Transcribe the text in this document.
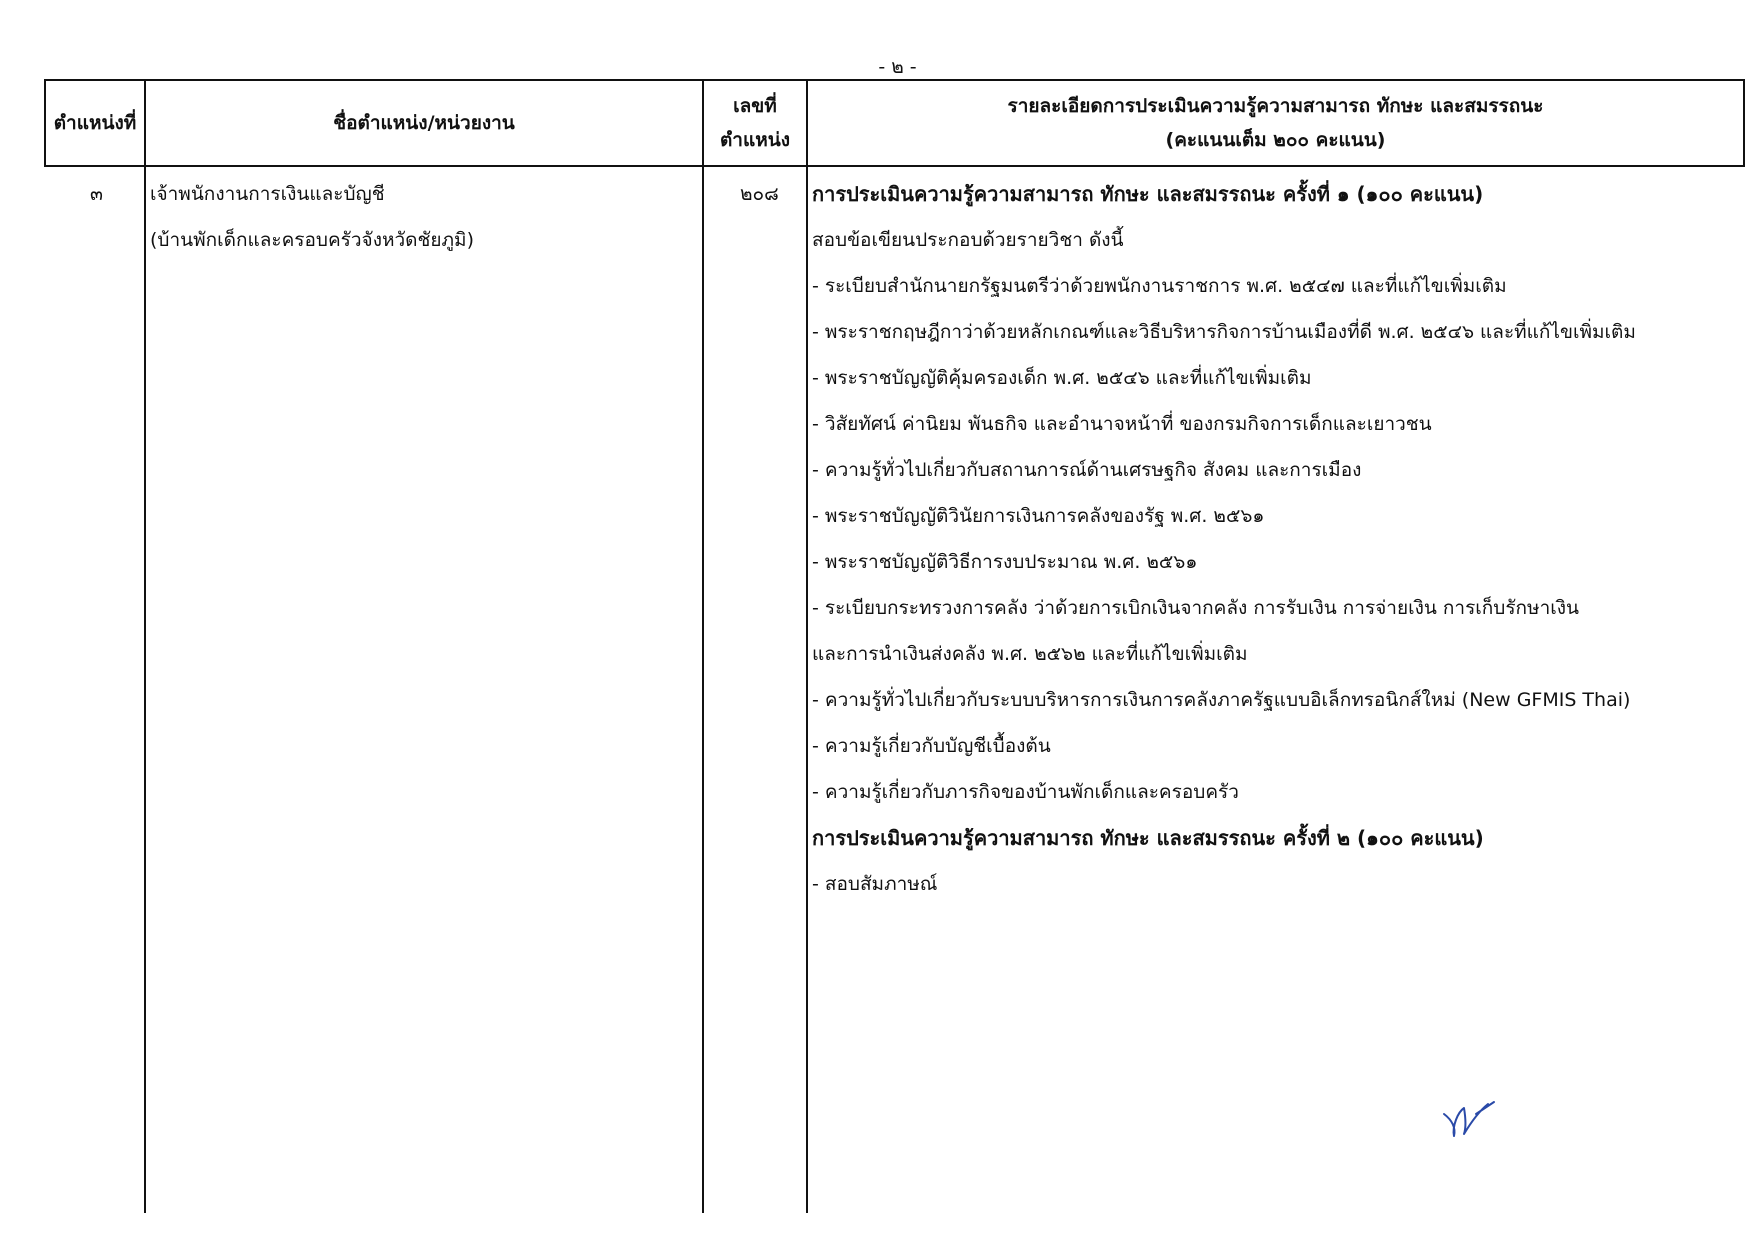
- ๒ -
ตำแหน่งที่	ชื่อตำแหน่ง/หน่วยงาน
เลขที่
ตำแหน่ง
รายละเอียดการประเมินความรู้ความสามารถ ทักษะ และสมรรถนะ
(คะแนนเต็ม ๒๐๐ คะแนน)
๓ เจ้าพนักงานการเงินและบัญชี
(บ้านพักเด็กและครอบครัวจังหวัดชัยภูมิ)
๒๐๘ การประเมินความรู้ความสามารถ ทักษะ และสมรรถนะ ครั้งที่ ๑ (๑๐๐ คะแนน)
สอบข้อเขียนประกอบด้วยรายวิชา ดังนี้
- ระเบียบสำนักนายกรัฐมนตรีว่าด้วยพนักงานราชการ พ.ศ. ๒๕๔๗ และที่แก้ไขเพิ่มเติม
- พระราชกฤษฎีกาว่าด้วยหลักเกณฑ์และวิธีบริหารกิจการบ้านเมืองที่ดี พ.ศ. ๒๕๔๖ และที่แก้ไขเพิ่มเติม
- พระราชบัญญัติคุ้มครองเด็ก พ.ศ. ๒๕๔๖ และที่แก้ไขเพิ่มเติม
- วิสัยทัศน์ ค่านิยม พันธกิจ และอำนาจหน้าที่ ของกรมกิจการเด็กและเยาวชน
- ความรู้ทั่วไปเกี่ยวกับสถานการณ์ด้านเศรษฐกิจ สังคม และการเมือง
- พระราชบัญญัติวินัยการเงินการคลังของรัฐ พ.ศ. ๒๕๖๑
- พระราชบัญญัติวิธีการงบประมาณ พ.ศ. ๒๕๖๑
- ระเบียบกระทรวงการคลัง ว่าด้วยการเบิกเงินจากคลัง การรับเงิน การจ่ายเงิน การเก็บรักษาเงิน
และการนำเงินส่งคลัง พ.ศ. ๒๕๖๒ และที่แก้ไขเพิ่มเติม
- ความรู้ทั่วไปเกี่ยวกับระบบบริหารการเงินการคลังภาครัฐแบบอิเล็กทรอนิกส์ใหม่ (New GFMIS Thai)
- ความรู้เกี่ยวกับบัญชีเบื้องต้น
- ความรู้เกี่ยวกับภารกิจของบ้านพักเด็กและครอบครัว
การประเมินความรู้ความสามารถ ทักษะ และสมรรถนะ ครั้งที่ ๒ (๑๐๐ คะแนน)
- สอบสัมภาษณ์
